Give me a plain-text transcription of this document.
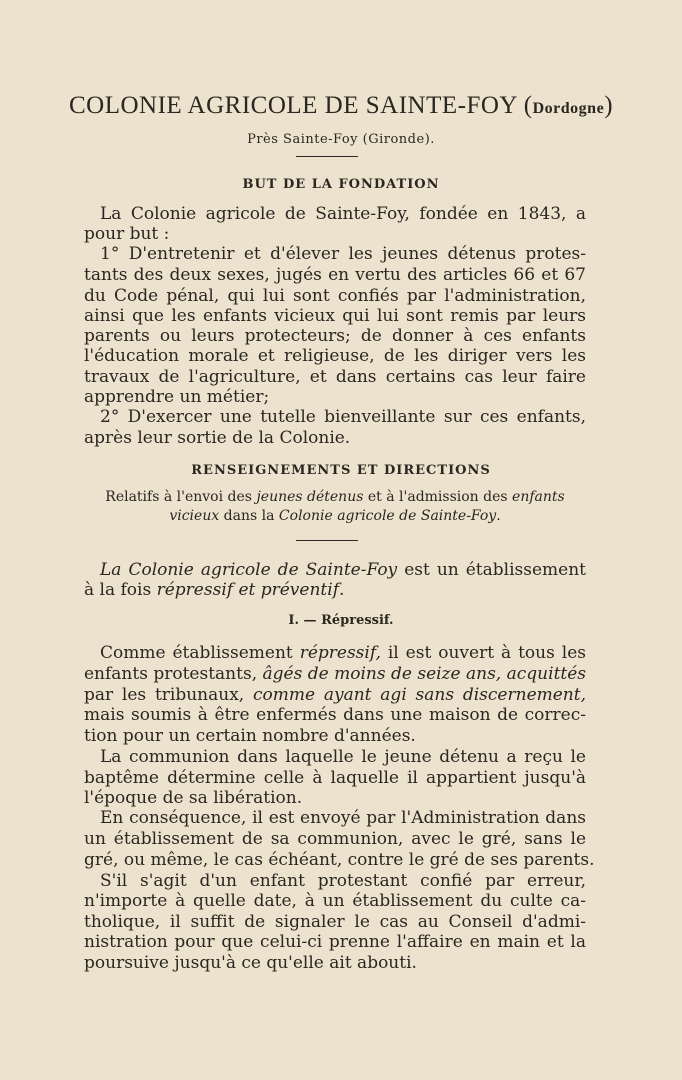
COLONIE AGRICOLE DE SAINTE-FOY (Dordogne)
Près Sainte-Foy (Gironde).
BUT DE LA FONDATION
La Colonie agricole de Sainte-Foy, fondée en 1843, a
pour but :
1° D'entretenir et d'élever les jeunes détenus protes-
tants des deux sexes, jugés en vertu des articles 66 et 67
du Code pénal, qui lui sont confiés par l'administration,
ainsi que les enfants vicieux qui lui sont remis par leurs
parents ou leurs protecteurs; de donner à ces enfants
l'éducation morale et religieuse, de les diriger vers les
travaux de l'agriculture, et dans certains cas leur faire
apprendre un métier;
2° D'exercer une tutelle bienveillante sur ces enfants,
après leur sortie de la Colonie.
RENSEIGNEMENTS ET DIRECTIONS
Relatifs à l'envoi des jeunes détenus et à l'admission des enfants
vicieux dans la Colonie agricole de Sainte-Foy.
La Colonie agricole de Sainte-Foy est un établissement
à la fois répressif et préventif.
I. — Répressif.
Comme établissement répressif, il est ouvert à tous les
enfants protestants, âgés de moins de seize ans, acquittés
par les tribunaux, comme ayant agi sans discernement,
mais soumis à être enfermés dans une maison de correc-
tion pour un certain nombre d'années.
La communion dans laquelle le jeune détenu a reçu le
baptême détermine celle à laquelle il appartient jusqu'à
l'époque de sa libération.
En conséquence, il est envoyé par l'Administration dans
un établissement de sa communion, avec le gré, sans le
gré, ou même, le cas échéant, contre le gré de ses parents.
S'il s'agit d'un enfant protestant confié par erreur,
n'importe à quelle date, à un établissement du culte ca-
tholique, il suffit de signaler le cas au Conseil d'admi-
nistration pour que celui-ci prenne l'affaire en main et la
poursuive jusqu'à ce qu'elle ait abouti.
